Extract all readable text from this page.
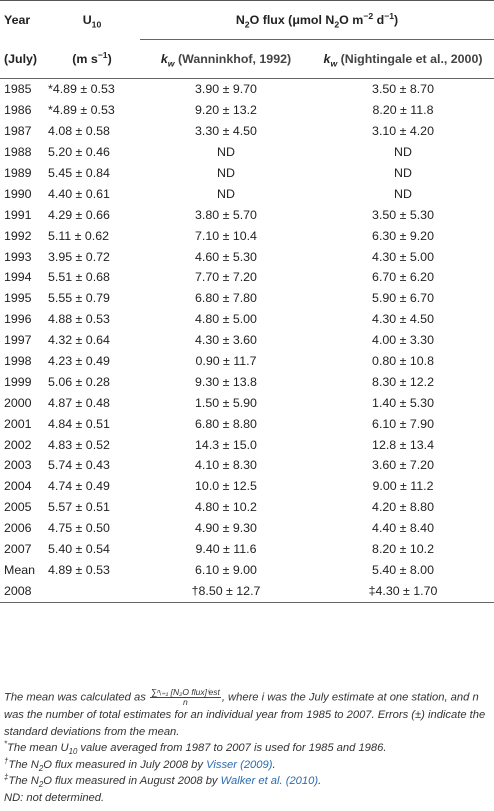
Year	$U_{10}$	$N_2O$ flux (μmol $N_2O$ $m^{-2}$ $d^{-1}$)	
(July)	(m $s^{-1}$)	$k_w$ (Wanninkhof, 1992)	$k_w$ (Nightingale et al., 2000)
1985	*4.89 ± 0.53	3.90 ± 9.70	3.50 ± 8.70
1986	*4.89 ± 0.53	9.20 ± 13.2	8.20 ± 11.8
1987	4.08 ± 0.58	3.30 ± 4.50	3.10 ± 4.20
1988	5.20 ± 0.46	ND	ND
1989	5.45 ± 0.84	ND	ND
1990	4.40 ± 0.61	ND	ND
1991	4.29 ± 0.66	3.80 ± 5.70	3.50 ± 5.30
1992	5.11 ± 0.62	7.10 ± 10.4	6.30 ± 9.20
1993	3.95 ± 0.72	4.60 ± 5.30	4.30 ± 5.00
1994	5.51 ± 0.68	7.70 ± 7.20	6.70 ± 6.20
1995	5.55 ± 0.79	6.80 ± 7.80	5.90 ± 6.70
1996	4.88 ± 0.53	4.80 ± 5.00	4.30 ± 4.50
1997	4.32 ± 0.64	4.30 ± 3.60	4.00 ± 3.30
1998	4.23 ± 0.49	0.90 ± 11.7	0.80 ± 10.8
1999	5.06 ± 0.28	9.30 ± 13.8	8.30 ± 12.2
2000	4.87 ± 0.48	1.50 ± 5.90	1.40 ± 5.30
2001	4.84 ± 0.51	6.80 ± 8.80	6.10 ± 7.90
2002	4.83 ± 0.52	14.3 ± 15.0	12.8 ± 13.4
2003	5.74 ± 0.43	4.10 ± 8.30	3.60 ± 7.20
2004	4.74 ± 0.49	10.0 ± 12.5	9.00 ± 11.2
2005	5.57 ± 0.51	4.80 ± 10.2	4.20 ± 8.80
2006	4.75 ± 0.50	4.90 ± 9.30	4.40 ± 8.40
2007	5.40 ± 0.54	9.40 ± 11.6	8.20 ± 10.2
Mean	4.89 ± 0.53	6.10 ± 9.00	5.40 ± 8.00
2008		†8.50 ± 12.7	‡4.30 ± 1.70

The mean was calculated as $\frac{\text{∑ⁿᵢ₌₁ [N₂O flux]ⁱest}}{n}$ , where i was the July estimate at one station, and n was the number of total estimates for an individual year from 1985 to 2007. Errors (±) indicate the standard deviations from the mean.

*The mean $U_{10}$ value averaged from 1987 to 2007 is used for 1985 and 1986.

†The $N_2O$ flux measured in July 2008 by Visser (2009).

‡The $N_2O$ flux measured in August 2008 by Walker et al. (2010).

ND: not determined.
